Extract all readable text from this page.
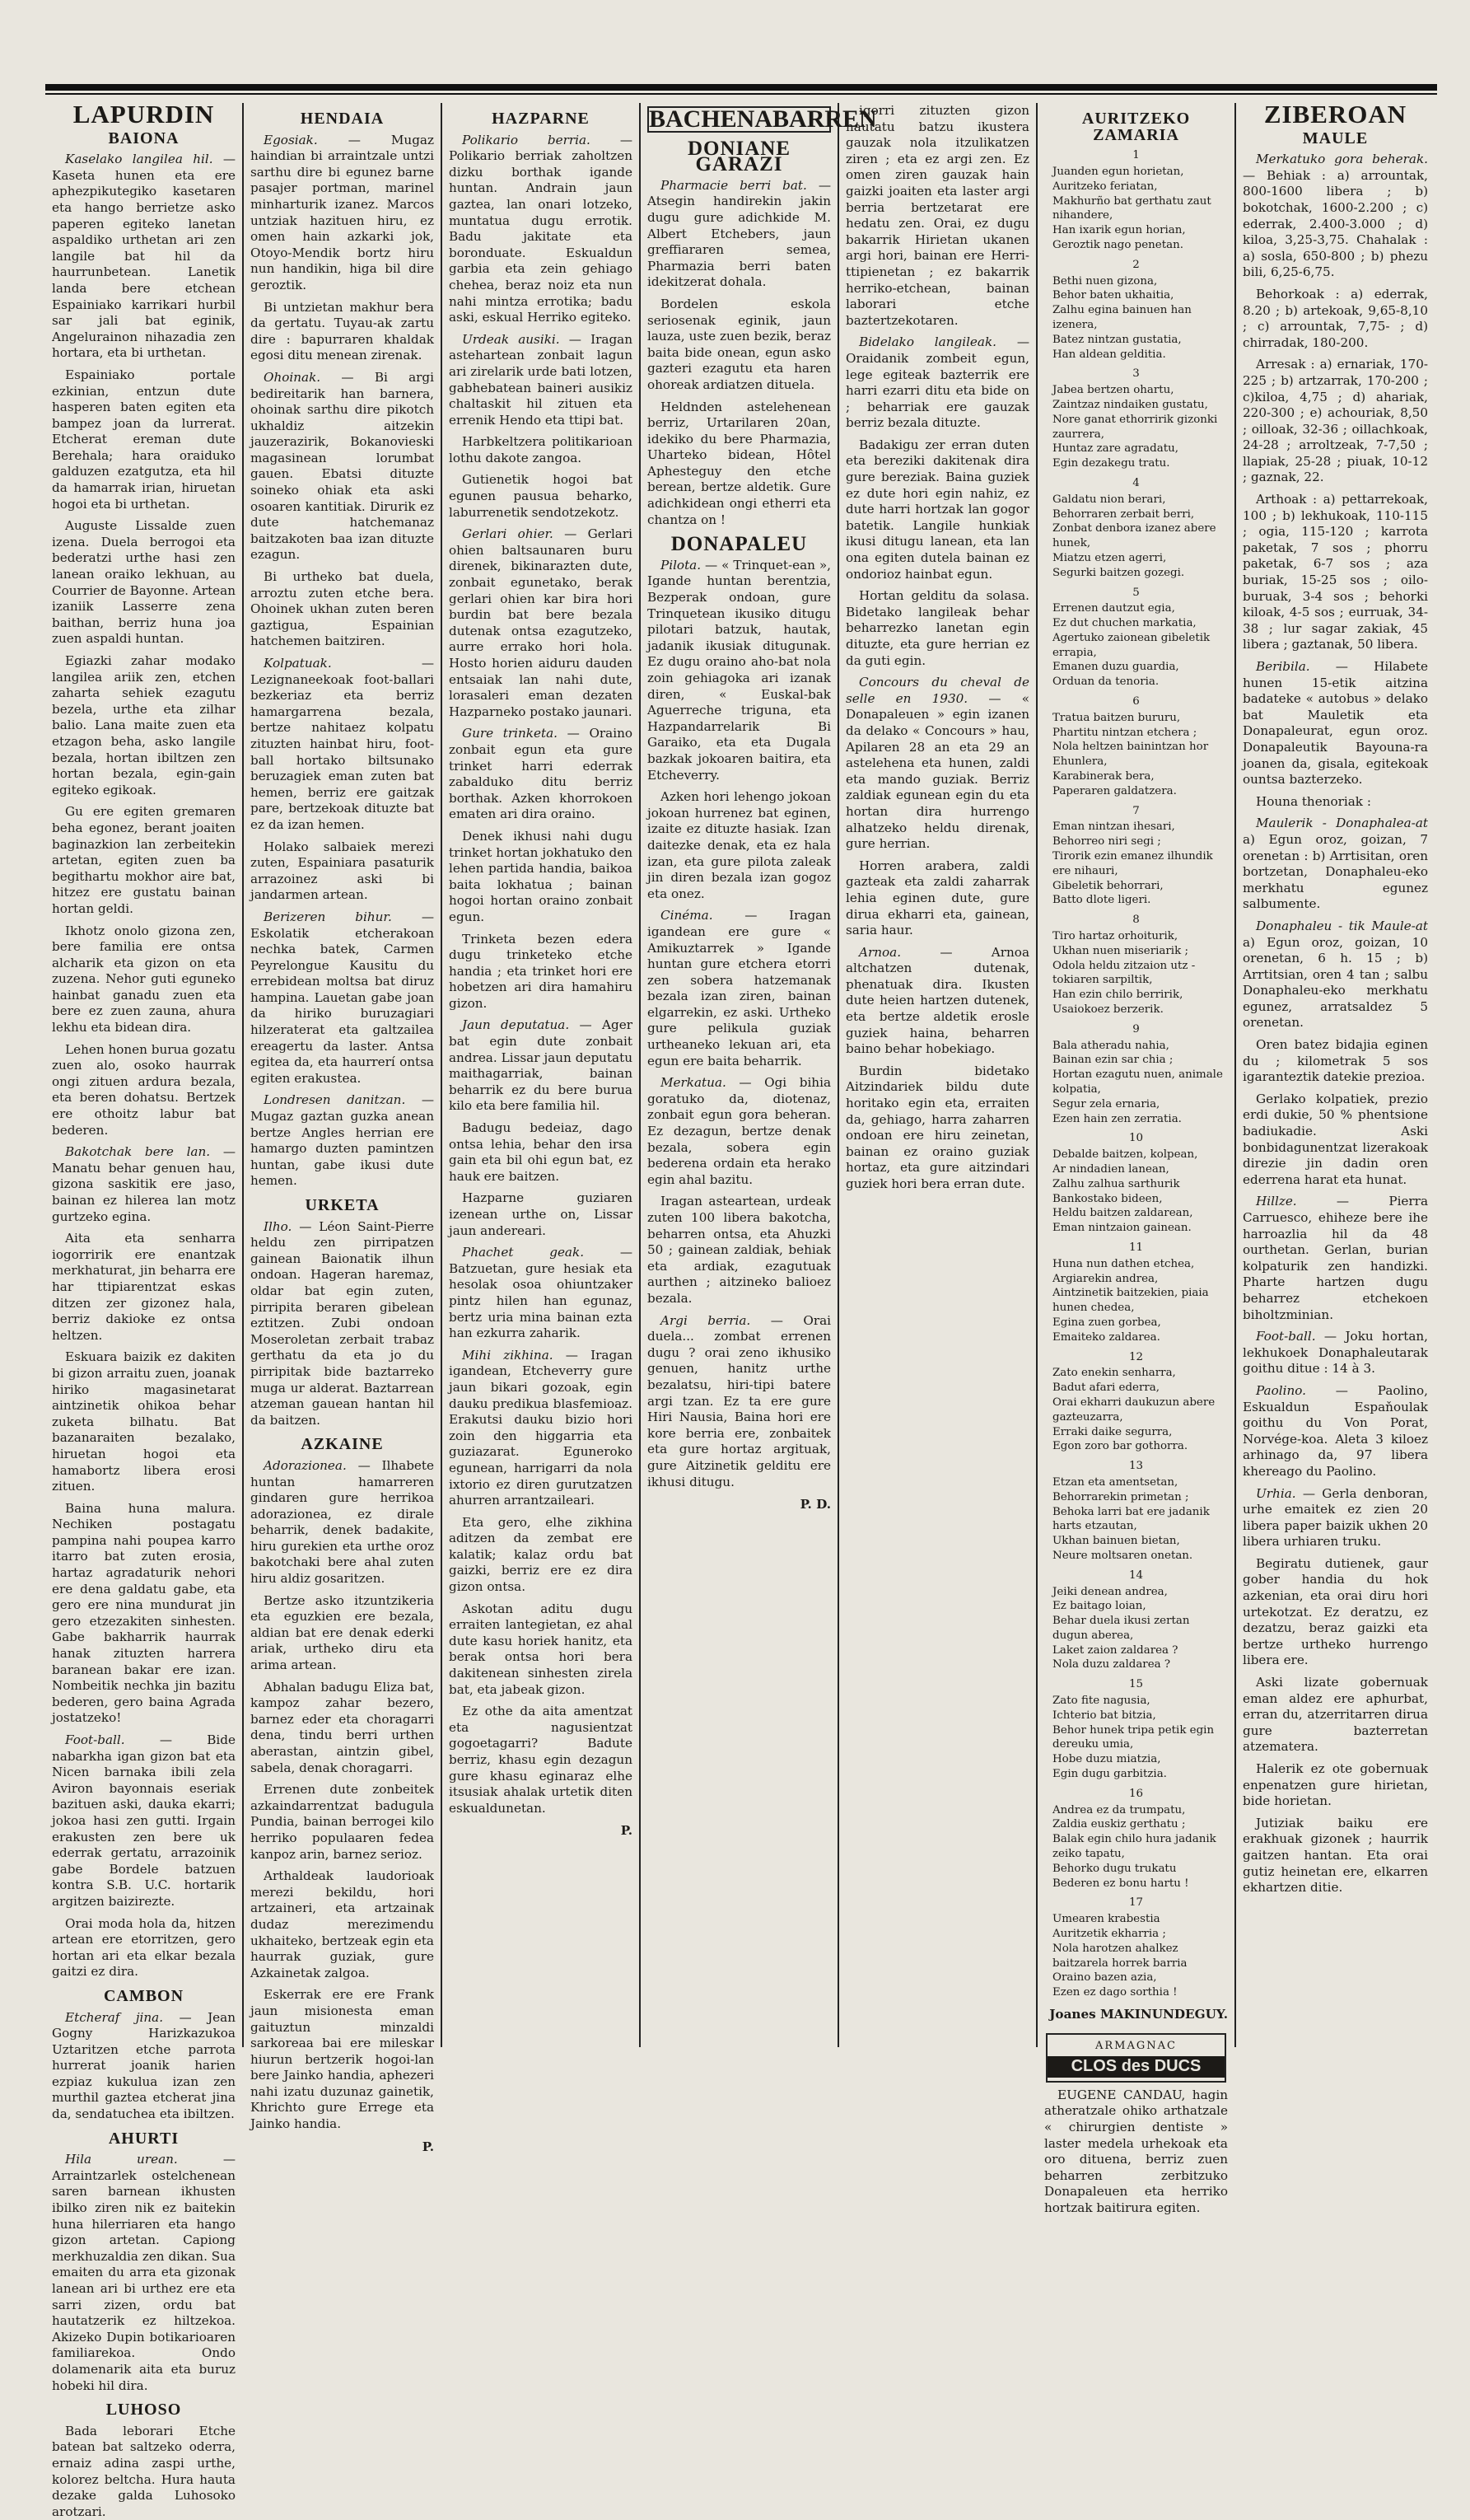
LAPURDIN
BAIONA

Kaselako langilea hil. — Kaseta hunen eta ere aphezpikutegiko kasetaren eta hango berrietze asko paperen egiteko lanetan aspaldiko urthetan ari zen langile bat hil da haurrunbetean. Lanetik landa bere etchean Espainiako karrikari hurbil sar jali bat eginik, Angelurainon nihazadia zen hortara, eta bi urthetan.

Espainiako portale ezkinian, entzun dute hasperen baten egiten eta bampez joan da lurrerat. Etcherat ereman dute Berehala; hara oraiduko galduzen ezatgutza, eta hil da hamarrak irian, hiruetan hogoi eta bi urthetan.

Auguste Lissalde zuen izena. Duela berrogoi eta bederatzi urthe hasi zen lanean oraiko lekhuan, au Courrier de Bayonne. Artean izaniik Lasserre zena baithan, berriz huna joa zuen aspaldi huntan.

Egiazki zahar modako langilea ariik zen, etchen zaharta sehiek ezagutu bezela, urthe eta zilhar balio. Lana maite zuen eta etzagon beha, asko langile bezala, hortan ibiltzen zen hortan bezala, egin-gain egiteko egikoak.

Gu ere egiten gremaren beha egonez, berant joaiten baginazkion lan zerbeitekin artetan, egiten zuen ba begithartu mokhor aire bat, hitzez ere gustatu bainan hortan geldi.

Ikhotz onolo gizona zen, bere familia ere ontsa alcharik eta gizon on eta zuzena. Nehor guti eguneko hainbat ganadu zuen eta bere ez zuen zauna, ahura lekhu eta bidean dira.

Lehen honen burua gozatu zuen alo, osoko haurrak ongi zituen ardura bezala, eta beren dohatsu. Bertzek ere othoitz labur bat bederen.

Bakotchak bere lan. — Manatu behar genuen hau, gizona saskitik ere jaso, bainan ez hilerea lan motz gurtzeko egina.

Aita eta senharra iogorririk ere enantzak merkhaturat, jin beharra ere har ttipiarentzat eskas ditzen zer gizonez hala, berriz dakioke ez ontsa heltzen.

Eskuara baizik ez dakiten bi gizon arraitu zuen, joanak hiriko magasinetarat aintzinetik ohikoa behar zuketa bilhatu. Bat bazanaraiten bezalako, hiruetan hogoi eta hamabortz libera erosi zituen.

Baina huna malura. Nechiken postagatu pampina nahi poupea karro itarro bat zuten erosia, hartaz agradaturik nehori ere dena galdatu gabe, eta gero ere nina mundurat jin gero etzezakiten sinhesten. Gabe bakharrik haurrak hanak zituzten harrera baranean bakar ere izan. Nombeitik nechka jin bazitu bederen, gero baina Agrada jostatzeko!

Foot-ball.	— Bide nabarkha igan gizon bat eta Nicen barnaka ibili zela Aviron bayonnais eseriak bazituen aski, dauka ekarri; jokoa hasi zen gutti. Irgain erakusten zen bere uk ederrak gertatu, arrazoinik gabe Bordele batzuen kontra S.B. U.C. hortarik argitzen baizirezte.

Orai moda hola da, hitzen artean ere etorritzen, gero hortan ari eta elkar bezala gaitzi ez dira.

CAMBON

Etcheraf jina. — Jean Gogny Harizkazukoa Uztaritzen etche parrota hurrerat joanik harien ezpiaz kukulua izan zen murthil gaztea etcherat jina da, sendatuchea eta ibiltzen.

AHURTI

Hila urean.	— Arraintzarlek ostelchenean saren barnean ikhusten ibilko ziren nik ez baitekin huna hilerriaren eta hango gizon artetan. Capiong merkhuzaldia zen dikan. Sua emaiten du arra eta gizonak lanean ari bi urthez ere eta sarri zizen, ordu bat hautatzerik ez hiltzekoa. Akizeko Dupin botikarioaren familiarekoa. Ondo dolamenarik aita eta buruz hobeki hil dira.

LUHOSO

Bada leborari Etche batean bat saltzeko oderra, ernaiz adina zaspi urthe, kolorez beltcha. Hura hauta dezake galda Luhosoko arotzari.

HENDAIA

Egosiak. — Mugaz haindian bi arraintzale untzi sarthu dire bi egunez barne pasajer portman, marinel minharturik izanez. Marcos untziak hazituen hiru, ez omen hain azkarki jok, Otoyo-Mendik bortz hiru nun handikin, higa bil dire geroztik.

Bi untzietan makhur bera da gertatu. Tuyau-ak zartu dire : bapurraren khaldak egosi ditu menean zirenak.

Ohoinak. — Bi argi bedireitarik han barnera, ohoinak sarthu dire pikotch ukhaldiz aitzekin jauzerazirik, Bokanovieski magasinean lorumbat gauen. Ebatsi dituzte soineko ohiak eta aski osoaren kantitiak. Dirurik ez dute hatchemanaz baitzakoten baa izan dituzte ezagun.

Bi urtheko bat duela, arroztu zuten etche bera. Ohoinek ukhan zuten beren gaztigua, Espainian hatchemen baitziren.

Kolpatuak.	— Lezignaneekoak foot-ballari bezkeriaz eta berriz hamargarrena bezala, bertze nahitaez kolpatu zituzten hainbat hiru, foot-ball hortako biltsunako beruzagiek eman zuten bat hemen, berriz ere gaitzak pare, bertzekoak dituzte bat ez da izan hemen.

Holako salbaiek merezi zuten, Espainiara pasaturik arrazoinez aski bi jandarmen artean.

Berizeren bihur. — Eskolatik etcherakoan nechka batek, Carmen Peyrelongue Kausitu du errebidean moltsa bat diruz hampina. Lauetan gabe joan da hiriko buruzagiari hilzeraterat eta galtzailea ereagertu da laster. Antsa egitea da, eta haurrerí ontsa egiten erakustea.

Londresen danitzan. — Mugaz gaztan guzka anean bertze Angles herrian ere hamargo duzten pamintzen huntan, gabe ikusi dute hemen.

URKETA

Ilho. — Léon Saint-Pierre heldu zen pirripatzen gainean Baionatik ilhun ondoan. Hageran haremaz, oldar bat egin zuten, pirripita beraren gibelean eztitzen. Zubi ondoan Moseroletan zerbait trabaz gerthatu da eta jo du pirripitak bide baztarreko muga ur alderat. Baztarrean atzeman gauean hantan hil da baitzen.

AZKAINE

Adorazionea. — Ilhabete huntan hamarreren gindaren gure herrikoa adorazionea, ez dirale beharrik, denek badakite, hiru gurekien eta urthe oroz bakotchaki bere ahal zuten hiru aldiz gosaritzen.

Bertze asko itzuntzikeria eta eguzkien ere bezala, aldian bat ere denak ederki ariak, urtheko diru eta arima artean.

Abhalan badugu Eliza bat, kampoz zahar bezero, barnez eder eta choragarri dena, tindu berri urthen aberastan, aintzin gibel, sabela, denak choragarri.

Errenen dute zonbeitek azkaindarrentzat badugula Pundia, bainan berrogei kilo herriko populaaren fedea kanpoz arin, barnez serioz.

Arthaldeak laudorioak merezi bekildu, hori artzaineri, eta artzainak dudaz merezimendu ukhaiteko, bertzeak egin eta haurrak guziak, gure Azkainetak zalgoa.

Eskerrak ere ere Frank jaun misionesta eman gaituztun minzaldi sarkoreaa bai ere mileskar hiurun bertzerik hogoi-lan bere Jainko handia, aphezeri nahi izatu duzunaz gainetik, Khrichto gure Errege eta Jainko handia.

P.
HAZPARNE

Polikario berria. — Polikario berriak zaholtzen dizku borthak igande huntan. Andrain jaun gaztea, lan onari lotzeko, muntatua dugu errotik. Badu jakitate eta boronduate. Eskualdun garbia eta zein gehiago chehea, beraz noiz eta nun nahi mintza errotika; badu aski, eskual Herriko egiteko.

Urdeak ausiki. — Iragan astehartean zonbait lagun ari zirelarik urde bati lotzen, gabhebatean baineri ausikiz chaltaskit hil zituen eta errenik Hendo eta ttipi bat.

Harbkeltzera politikarioan lothu dakote zangoa.

Gutienetik hogoi bat egunen pausua beharko, laburrenetik sendotzekotz.

Gerlari ohier. — Gerlari ohien baltsaunaren buru direnek, bikinarazten dute, zonbait egunetako, berak gerlari ohien kar bira hori burdin bat bere bezala dutenak ontsa ezagutzeko, aurre errako hori hola. Hosto horien aiduru dauden entsaiak lan nahi dute, lorasaleri eman dezaten Hazparneko postako jaunari.

Gure trinketa. — Oraino zonbait egun eta gure trinket harri ederrak zabalduko ditu berriz borthak. Azken khorrokoen ematen ari dira oraino.

Denek ikhusi nahi dugu trinket hortan jokhatuko den lehen partida handia, baikoa baita lokhatua ; bainan hogoi hortan oraino zonbait egun.

Trinketa bezen edera dugu trinketeko etche handia ; eta trinket hori ere hobetzen ari dira hamahiru gizon.

Jaun deputatua. — Ager bat egin dute zonbait andrea. Lissar jaun deputatu maithagarriak, bainan beharrik ez du bere burua kilo eta bere familia hil.

Badugu bedeiaz, dago ontsa lehia, behar den irsa gain eta bil ohi egun bat, ez hauk ere baitzen.

Hazparne guziaren izenean urthe on, Lissar jaun andereari.

Phachet geak.	— Batzuetan, gure hesiak eta hesolak osoa ohiuntzaker pintz hilen han egunaz, bertz uria mina bainan ezta han ezkurra zaharik.

Mihi zikhina. — Iragan igandean, Etcheverry gure jaun bikari gozoak, egin dauku predikua blasfemioaz. Erakutsi dauku bizio hori zoin den higgarria eta guziazarat. Eguneroko egunean, harrigarri da nola ixtorio ez diren gurutzatzen ahurren arrantzaileari.

Eta gero, elhe zikhina aditzen da zembat ere kalatik; kalaz ordu bat gaizki, berriz ere ez dira gizon ontsa.

Askotan aditu dugu erraiten lantegietan, ez ahal dute kasu horiek hanitz, eta berak ontsa hori bera dakitenean sinhesten zirela bat, eta jabeak gizon.

Ez othe da aita amentzat eta nagusientzat gogoetagarri? Badute berriz, khasu egin dezagun gure khasu eginaraz elhe itsusiak ahalak urtetik diten eskualdunetan.

P.
BACHENABARREN
DONIANE GARAZI

Pharmacie berri bat. — Atsegin handirekin jakin dugu gure adichkide M. Albert Etchebers, jaun greffiararen semea, Pharmazia berri baten idekitzerat dohala.

Bordelen eskola seriosenak eginik, jaun lauza, uste zuen bezik, beraz baita bide onean, egun asko gazteri ezagutu eta haren ohoreak ardiatzen dituela.

Heldnden astelehenean berriz, Urtarilaren 20an, idekiko du bere Pharmazia, Uharteko bidean, Hôtel Aphesteguy den etche berean, bertze aldetik. Gure adichkidean ongi etherri eta chantza on !

DONAPALEU

Pilota. — « Trinquet-ean », Igande huntan berentzia, Bezperak ondoan, gure Trinquetean ikusiko ditugu pilotari batzuk, hautak, jadanik ikusiak ditugunak. Ez dugu oraino aho-bat nola zoin gehiagoka ari izanak diren, « Euskal-bak Aguerreche triguna, eta Hazpandarrelarik Bi Garaiko, eta eta Dugala bazkak jokoaren baitira, eta Etcheverry.

Azken hori lehengo jokoan jokoan hurrenez bat eginen, izaite ez dituzte hasiak. Izan daitezke denak, eta ez hala izan, eta gure pilota zaleak jin diren bezala izan gogoz eta onez.

Cinéma.	— Iragan igandean ere gure « Amikuztarrek » Igande huntan gure etchera etorri zen sobera hatzemanak bezala izan ziren, bainan elgarrekin, ez aski. Urtheko gure pelikula guziak urtheaneko lekuan ari, eta egun ere baita beharrik.

Merkatua. — Ogi bihia goratuko da, diotenaz, zonbait egun gora beheran. Ez dezagun, bertze denak bezala, sobera egin bederena ordain eta herako egin ahal bazitu.

Iragan asteartean, urdeak zuten 100 libera bakotcha, beharren ontsa, eta Ahuzki 50 ; gainean zaldiak, behiak eta ardiak, ezagutuak aurthen ; aitzineko balioez bezala.

Argi berria. — Orai duela... zombat errenen dugu ? orai zeno ikhusiko genuen, hanitz urthe bezalatsu, hiri-tipi batere argi tzan. Ez ta ere gure Hiri Nausia, Baina hori ere kore berria ere, zonbaitek eta gure hortaz argituak, gure Aitzinetik gelditu ere ikhusi ditugu.

P. D.

igorri zituzten gizon hautatu batzu ikustera gauzak nola itzulikatzen ziren ; eta ez argi zen. Ez omen ziren gauzak hain gaizki joaiten eta laster argi berria bertzetarat ere hedatu zen. Orai, ez dugu bakarrik Hirietan ukanen argi hori, bainan ere Herri-ttipienetan ; ez bakarrik herriko-etchean, bainan laborari etche baztertzekotaren.

Bidelako langileak. — Oraidanik zombeit egun, lege egiteak bazterrik ere harri ezarri ditu eta bide on ; beharriak ere gauzak berriz bezala dituzte.

Badakigu zer erran duten eta bereziki dakitenak dira gure bereziak. Baina guziek ez dute hori egin nahiz, ez dute harri hortzak lan gogor batetik. Langile hunkiak ikusi ditugu lanean, eta lan ona egiten dutela bainan ez ondorioz hainbat egun.

Hortan gelditu da solasa. Bidetako langileak behar beharrezko lanetan egin dituzte, eta gure herrian ez da guti egin.

Concours du cheval de selle en 1930. — « Donapaleuen » egin izanen da delako « Concours » hau, Apilaren 28 an eta 29 an astelehena eta hunen, zaldi eta mando guziak. Berriz zaldiak egunean egin du eta hortan dira hurrengo alhatzeko heldu direnak, gure herrian.

Horren arabera, zaldi gazteak eta zaldi zaharrak lehia eginen dute, gure dirua ekharri eta, gainean, saria haur.

Arnoa.	— Arnoa altchatzen dutenak, phenatuak dira. Ikusten dute heien hartzen dutenek, eta bertze aldetik erosle guziek haina, beharren baino behar hobekiago.

Burdin bidetako Aitzindariek bildu dute horitako egin eta, erraiten da, gehiago, harra zaharren ondoan ere hiru zeinetan, bainan ez oraino guziak hortaz, eta gure aitzindari guziek hori bera erran dute.

AURITZEKO ZAMARIA
1
Juanden egun horietan,
Auritzeko feriatan,
Makhurño bat gerthatu zaut nihandere,
Han ixarik egun horian,
Geroztik nago penetan.
2
Bethi nuen gizona,
Behor baten ukhaitia,
Zalhu egina bainuen han izenera,
Batez nintzan gustatia,
Han aldean gelditia.
3
Jabea bertzen ohartu,
Zaintzaz nindaiken gustatu,
Nore ganat ethorririk gizonki zaurrera,
Huntaz zare agradatu,
Egin dezakegu tratu.
4
Galdatu nion berari,
Behorraren zerbait berri,
Zonbat denbora izanez abere hunek,
Miatzu etzen agerri,
Segurki baitzen gozegi.
5
Errenen dautzut egia,
Ez dut chuchen markatia,
Agertuko zaionean gibeletik errapia,
Emanen duzu guardia,
Orduan da tenoria.
6
Tratua baitzen bururu,
Phartitu nintzan etchera ;
Nola heltzen bainintzan hor Ehunlera,
Karabinerak bera,
Paperaren galdatzera.
7
Eman nintzan ihesari,
Behorreo niri segi ;
Tirorik ezin emanez ilhundik ere nihauri,
Gibeletik behorrari,
Batto dlote ligeri.
8
Tiro hartaz orhoiturik,
Ukhan nuen miseriarik ;
Odola heldu zitzaion utz - tokiaren sarpiltik,
Han ezin chilo berririk,
Usaiokoez berzerik.
9
Bala atheradu nahia,
Bainan ezin sar chia ;
Hortan ezagutu nuen, animale kolpatia,
Segur zela ernaria,
Ezen hain zen zerratia.
10
Debalde baitzen, kolpean,
Ar nindadien lanean,
Zalhu zalhua sarthurik Bankostako bideen,
Heldu baitzen zaldarean,
Eman nintzaion gainean.
11
Huna nun dathen etchea,
Argiarekin andrea,
Aintzinetik baitzekien, piaia hunen chedea,
Egina zuen gorbea,
Emaiteko zaldarea.
12
Zato enekin senharra,
Badut afari ederra,
Orai ekharri daukuzun abere gazteuzarra,
Erraki daike segurra,
Egon zoro bar gothorra.
13
Etzan eta amentsetan,
Behorrarekin primetan ;
Behoka larri bat ere jadanik harts etzautan,
Ukhan bainuen bietan,
Neure moltsaren onetan.
14
Jeiki denean andrea,
Ez baitago loian,
Behar duela ikusi zertan dugun aberea,
Laket zaion zaldarea ?
Nola duzu zaldarea ?
15
Zato fite nagusia,
Ichterio bat bitzia,
Behor hunek tripa petik egin dereuku umia,
Hobe duzu miatzia,
Egin dugu garbitzia.
16
Andrea ez da trumpatu,
Zaldia euskiz gerthatu ;
Balak egin chilo hura jadanik zeiko tapatu,
Behorko dugu trukatu
Bederen ez bonu hartu !
17
Umearen krabestia
Auritzetik ekharria ;
Nola harotzen ahalkez baitzarela horrek barria
Oraino bazen azia,
Ezen ez dago sorthia !
Joanes MAKINUNDEGUY.
ARMAGNAC
CLOS des DUCS

EUGENE CANDAU, hagin atheratzale ohiko arthatzale « chirurgien dentiste » laster medela urhekoak eta oro dituena, berriz zuen beharren zerbitzuko Donapaleuen eta herriko hortzak baitirura egiten.

ZIBEROAN
MAULE

Merkatuko gora beherak. — Behiak : a) arrountak, 800-1600 libera ; b) bokotchak, 1600-2.200 ; c) ederrak, 2.400-3.000 ; d) kiloa, 3,25-3,75. Chahalak : a) sosla, 650-800 ; b) phezu bili, 6,25-6,75.

Behorkoak : a) ederrak, 8.20 ; b) artekoak, 9,65-8,10 ; c) arrountak, 7,75- ; d) chirradak, 180-200.

Arresak : a) ernariak, 170-225 ; b) artzarrak, 170-200 ; c)kiloa, 4,75 ; d) ahariak, 220-300 ; e) achouriak, 8,50 ; oilloak, 32-36 ; oillachkoak, 24-28 ; arroltzeak, 7-7,50 ; llapiak, 25-28 ; piuak, 10-12 ; gaznak, 22.

Arthoak : a) pettarrekoak, 100 ; b) lekhukoak, 110-115 ; ogia, 115-120 ; karrota paketak, 7 sos ; phorru paketak, 6-7 sos ; aza buriak, 15-25 sos ; oilo-buruak, 3-4 sos ; behorki kiloak, 4-5 sos ; eurruak, 34-38 ; lur sagar zakiak, 45 libera ; gaztanak, 50 libera.

Beribila. — Hilabete hunen 15-etik aitzina badateke « autobus » delako bat Mauletik eta Donapaleurat, egun oroz. Donapaleutik Bayouna-ra joanen da, gisala, egitekoak ountsa bazterzeko.

Houna thenoriak :

Maulerik - Donaphalea-at a) Egun oroz, goizan, 7 orenetan : b) Arrtisitan, oren bortzetan, Donaphaleu-eko merkhatu egunez salbumente.

Donaphaleu - tik Maule-at a) Egun oroz, goizan, 10 orenetan, 6 h. 15 ; b) Arrtitsian, oren 4 tan ; salbu Donaphaleu-eko merkhatu egunez, arratsaldez 5 orenetan.

Oren batez bidajia eginen du ; kilometrak 5 sos igaranteztik datekie prezioa.

Gerlako kolpatiek, prezio erdi dukie, 50 % phentsione badiukadie. Aski bonbidagunentzat lizerakoak direzie jin dadin oren ederrena harat eta hunat.

Hillze.	— Pierra Carruesco, ehiheze bere ihe harroazlia hil da 48 ourthetan. Gerlan, burian kolpaturik zen handizki. Pharte hartzen dugu beharrez etchekoen biholtzminian.

Foot-ball. — Joku hortan, lekhukoek Donaphaleutarak goithu ditue : 14 à 3.

Paolino. — Paolino, Eskualdun Espaňoulak goithu du Von Porat, Norvége-koa. Aleta 3 kiloez arhinago da, 97 libera khereago du Paolino.

Urhia. — Gerla denboran, urhe emaitek ez zien 20 libera paper baizik ukhen 20 libera urhiaren truku.

Begiratu dutienek, gaur gober handia du hok azkenian, eta orai diru hori urtekotzat. Ez deratzu, ez dezatzu, beraz gaizki eta bertze urtheko hurrengo libera ere.

Aski lizate gobernuak eman aldez ere aphurbat, erran du, atzerritarren dirua gure bazterretan atzematera.

Halerik ez ote gobernuak enpenatzen gure hirietan, bide horietan.

Jutiziak baiku ere erakhuak gizonek ; haurrik gaitzen hantan. Eta orai gutiz heinetan ere, elkarren ekhartzen ditie.
